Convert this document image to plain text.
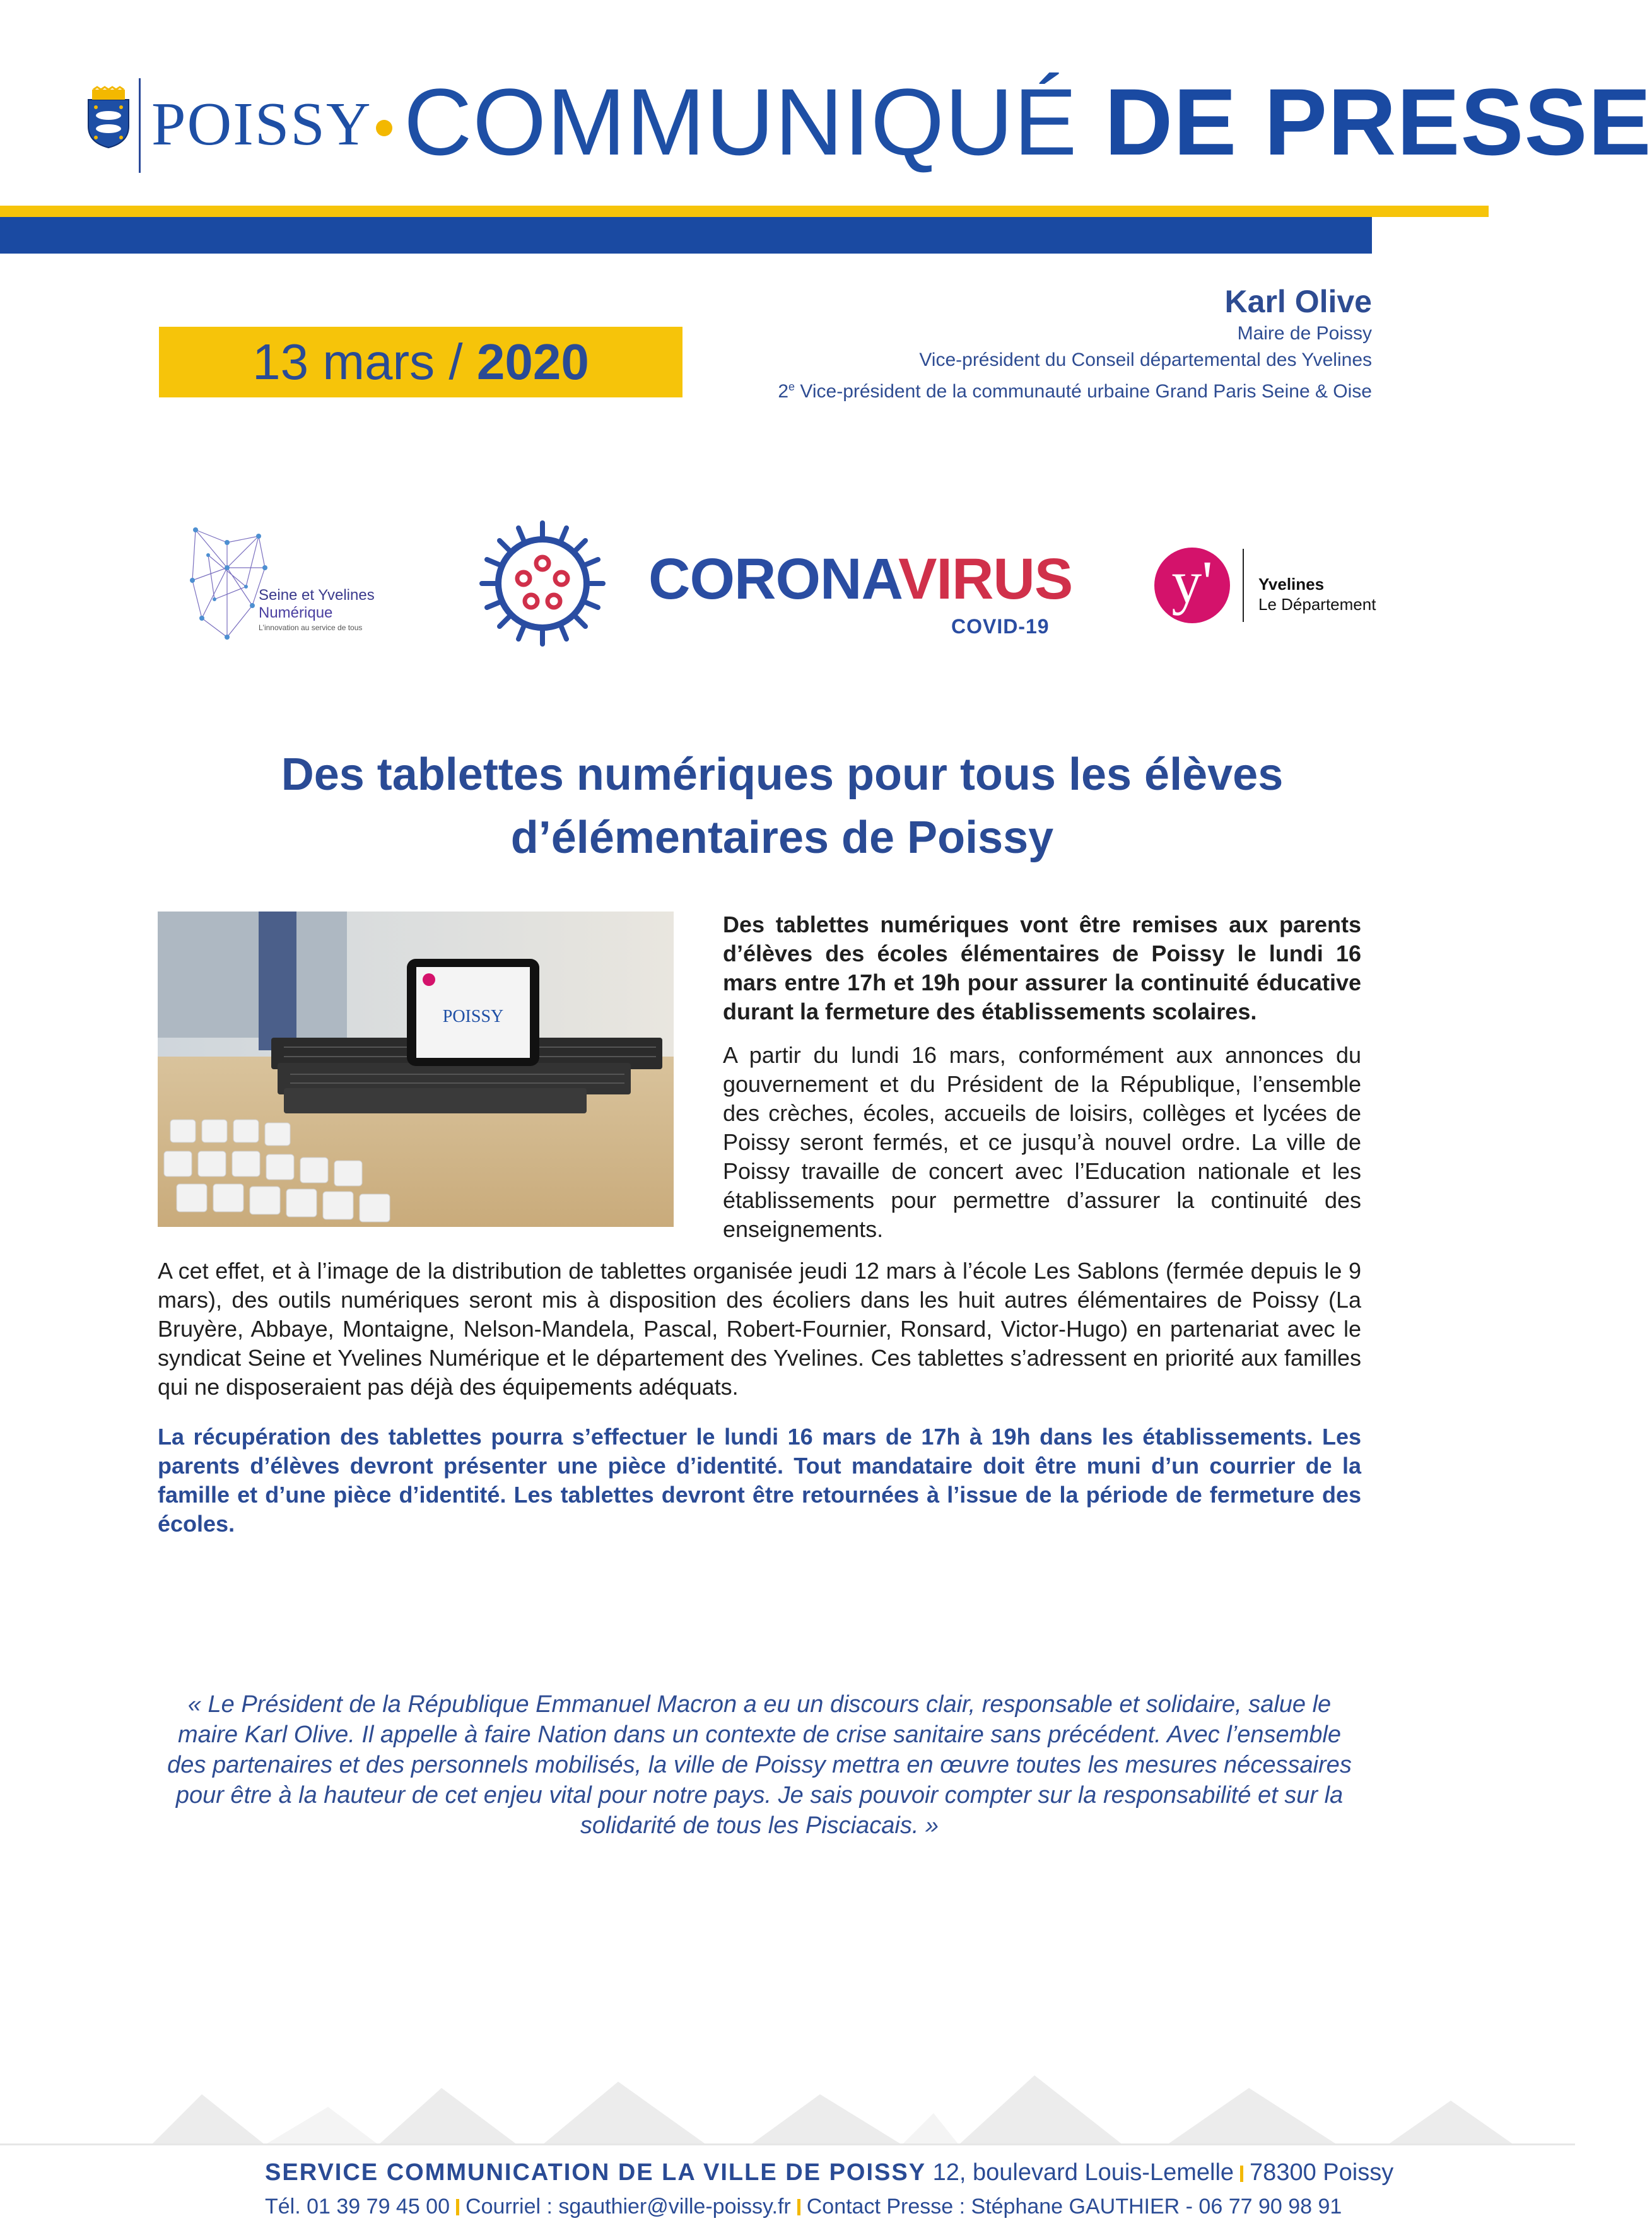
POISSY COMMUNIQUÉ DE PRESSE
13 mars / 2020
Karl Olive
Maire de Poissy
Vice-président du Conseil départemental des Yvelines
2e Vice-président de la communauté urbaine Grand Paris Seine & Oise
Seine et Yvelines
Numérique
L'innovation au service de tous
CORONAVIRUS
COVID-19
y'	Yvelines
Le Département
Des tablettes numériques pour tous les élèves d’élémentaires de Poissy
POISSY
Des tablettes numériques vont être remises aux parents d’élèves des écoles élémentaires de Poissy le lundi 16 mars entre 17h et 19h pour assurer la continuité éducative durant la fermeture des établissements scolaires.
A partir du lundi 16 mars, conformément aux annonces du gouvernement et du Président de la République, l’ensemble des crèches, écoles, accueils de loisirs, collèges et lycées de Poissy seront fermés, et ce jusqu’à nouvel ordre. La ville de Poissy travaille de concert avec l’Education nationale et les établissements pour permettre d’assurer la continuité des enseignements.
A cet effet, et à l’image de la distribution de tablettes organisée jeudi 12 mars à l’école Les Sablons (fermée depuis le 9 mars), des outils numériques seront mis à disposition des écoliers dans les huit autres élémentaires de Poissy (La Bruyère, Abbaye, Montaigne, Nelson-Mandela, Pascal, Robert-Fournier, Ronsard, Victor-Hugo) en partenariat avec le syndicat Seine et Yvelines Numérique et le département des Yvelines. Ces tablettes s’adressent en priorité aux familles qui ne disposeraient pas déjà des équipements adéquats.
La récupération des tablettes pourra s’effectuer le lundi 16 mars de 17h à 19h dans les établissements. Les parents d’élèves devront présenter une pièce d’identité. Tout mandataire doit être muni d’un courrier de la famille et d’une pièce d’identité. Les tablettes devront être retournées à l’issue de la période de fermeture des écoles.
« Le Président de la République Emmanuel Macron a eu un discours clair, responsable et solidaire, salue le maire Karl Olive. Il appelle à faire Nation dans un contexte de crise sanitaire sans précédent. Avec l’ensemble des partenaires et des personnels mobilisés, la ville de Poissy mettra en œuvre toutes les mesures nécessaires pour être à la hauteur de cet enjeu vital pour notre pays. Je sais pouvoir compter sur la responsabilité et sur la solidarité de tous les Pisciacais. »
SERVICE COMMUNICATION DE LA VILLE DE POISSY 12, boulevard Louis-Lemelle 78300 Poissy
Tél. 01 39 79 45 00 Courriel : sgauthier@ville-poissy.fr Contact Presse : Stéphane GAUTHIER - 06 77 90 98 91
